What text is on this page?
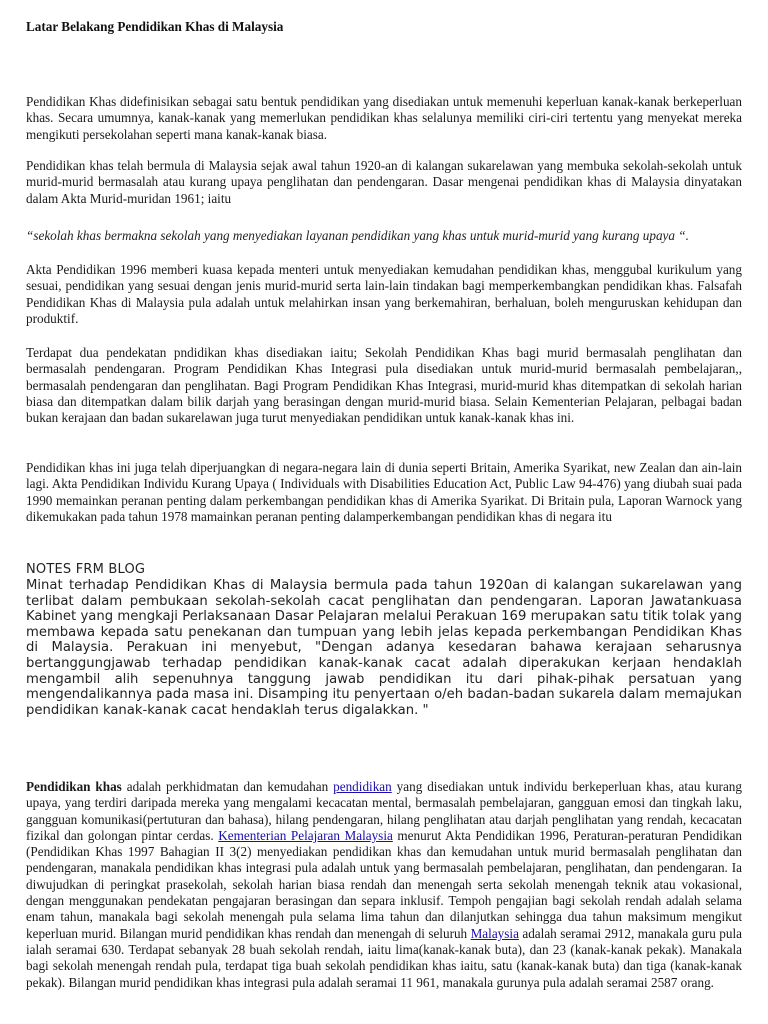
Latar Belakang Pendidikan Khas di Malaysia

Pendidikan Khas didefinisikan sebagai satu bentuk pendidikan yang disediakan untuk memenuhi keperluan kanak-kanak berkeperluan khas. Secara umumnya, kanak-kanak yang memerlukan pendidikan khas selalunya memiliki ciri-ciri tertentu yang menyekat mereka mengikuti persekolahan seperti mana kanak-kanak biasa.

Pendidikan khas telah bermula di Malaysia sejak awal tahun 1920-an di kalangan sukarelawan yang membuka sekolah-sekolah untuk murid-murid bermasalah atau kurang upaya penglihatan dan pendengaran. Dasar mengenai pendidikan khas di Malaysia dinyatakan dalam Akta Murid-muridan 1961; iaitu

“sekolah khas bermakna sekolah yang menyediakan layanan pendidikan yang khas untuk murid-murid yang kurang upaya “.

Akta Pendidikan 1996 memberi kuasa kepada menteri untuk menyediakan kemudahan pendidikan khas, menggubal kurikulum yang sesuai, pendidikan yang sesuai dengan jenis murid-murid serta lain-lain tindakan bagi memperkembangkan pendidikan khas. Falsafah Pendidikan Khas di Malaysia pula adalah untuk melahirkan insan yang berkemahiran, berhaluan, boleh menguruskan kehidupan dan produktif.

Terdapat dua pendekatan pndidikan khas disediakan iaitu; Sekolah Pendidikan Khas bagi murid bermasalah penglihatan dan bermasalah pendengaran. Program Pendidikan Khas Integrasi pula disediakan untuk murid-murid bermasalah pembelajaran,, bermasalah pendengaran dan penglihatan. Bagi Program Pendidikan Khas Integrasi, murid-murid khas ditempatkan di sekolah harian biasa dan ditempatkan dalam bilik darjah yang berasingan dengan murid-murid biasa. Selain Kementerian Pelajaran, pelbagai badan bukan kerajaan dan badan sukarelawan juga turut menyediakan pendidikan untuk kanak-kanak khas ini.

Pendidikan khas ini juga telah diperjuangkan di negara-negara lain di dunia seperti Britain, Amerika Syarikat, new Zealan dan ain-lain lagi. Akta Pendidikan Individu Kurang Upaya ( Individuals with Disabilities Education Act, Public Law 94-476) yang diubah suai pada 1990 memainkan peranan penting dalam perkembangan pendidikan khas di Amerika Syarikat. Di Britain pula, Laporan Warnock yang dikemukakan pada tahun 1978 mamainkan peranan penting dalamperkembangan pendidikan khas di negara itu

NOTES FRM BLOG

Minat terhadap Pendidikan Khas di Malaysia bermula pada tahun 1920an di kalangan sukarelawan yang terlibat dalam pembukaan sekolah-sekolah cacat penglihatan dan pendengaran. Laporan Jawatankuasa Kabinet yang mengkaji Perlaksanaan Dasar Pelajaran melalui Perakuan 169 merupakan satu titik tolak yang membawa kepada satu penekanan dan tumpuan yang lebih jelas kepada perkembangan Pendidikan Khas di Malaysia. Perakuan ini menyebut, "Dengan adanya kesedaran bahawa kerajaan seharusnya bertanggungjawab terhadap pendidikan kanak-kanak cacat adalah diperakukan kerjaan hendaklah mengambil alih sepenuhnya tanggung jawab pendidikan itu dari pihak-pihak persatuan yang mengendalikannya pada masa ini. Disamping itu penyertaan o/eh badan-badan sukarela dalam memajukan pendidikan kanak-kanak cacat hendaklah terus digalakkan. "

Pendidikan khas adalah perkhidmatan dan kemudahan pendidikan yang disediakan untuk individu berkeperluan khas, atau kurang upaya, yang terdiri daripada mereka yang mengalami kecacatan mental, bermasalah pembelajaran, gangguan emosi dan tingkah laku, gangguan komunikasi(pertuturan dan bahasa), hilang pendengaran, hilang penglihatan atau darjah penglihatan yang rendah, kecacatan fizikal dan golongan pintar cerdas. Kementerian Pelajaran Malaysia menurut Akta Pendidikan 1996, Peraturan-peraturan Pendidikan (Pendidikan Khas 1997 Bahagian II 3(2) menyediakan pendidikan khas dan kemudahan untuk murid bermasalah penglihatan dan pendengaran, manakala pendidikan khas integrasi pula adalah untuk yang bermasalah pembelajaran, penglihatan, dan pendengaran. Ia diwujudkan di peringkat prasekolah, sekolah harian biasa rendah dan menengah serta sekolah menengah teknik atau vokasional, dengan menggunakan pendekatan pengajaran berasingan dan separa inklusif. Tempoh pengajian bagi sekolah rendah adalah selama enam tahun, manakala bagi sekolah menengah pula selama lima tahun dan dilanjutkan sehingga dua tahun maksimum mengikut keperluan murid. Bilangan murid pendidikan khas rendah dan menengah di seluruh Malaysia adalah seramai 2912, manakala guru pula ialah seramai 630. Terdapat sebanyak 28 buah sekolah rendah, iaitu lima(kanak-kanak buta), dan 23 (kanak-kanak pekak). Manakala bagi sekolah menengah rendah pula, terdapat tiga buah sekolah pendidikan khas iaitu, satu (kanak-kanak buta) dan tiga (kanak-kanak pekak). Bilangan murid pendidikan khas integrasi pula adalah seramai 11 961, manakala gurunya pula adalah seramai 2587 orang.
